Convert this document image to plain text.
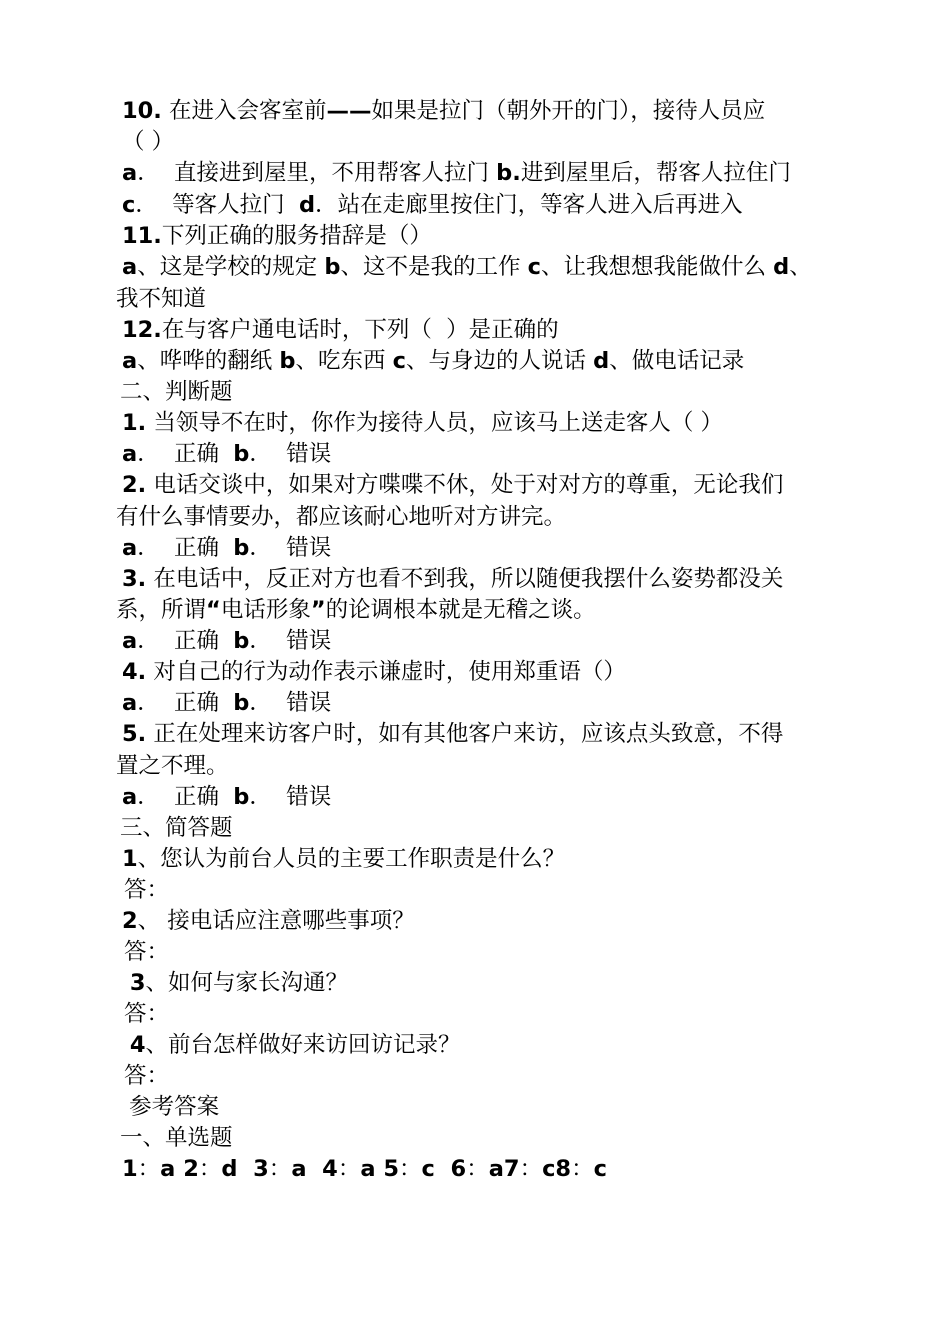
10. 在进入会客室前——如果是拉门（朝外开的门），接待人员应
（ ）
a．  直接进到屋里，不用帮客人拉门 b.进到屋里后，帮客人拉住门
c．  等客人拉门  d．站在走廊里按住门，等客人进入后再进入
11.下列正确的服务措辞是（）
a、这是学校的规定 b、这不是我的工作 c、让我想想我能做什么 d、
我不知道
12.在与客户通电话时，下列（  ）是正确的
a、哗哗的翻纸 b、吃东西 c、与身边的人说话 d、做电话记录
二、判断题
1. 当领导不在时，你作为接待人员，应该马上送走客人（ ）
a．  正确  b．  错误
2. 电话交谈中，如果对方喋喋不休，处于对对方的尊重，无论我们
有什么事情要办，都应该耐心地听对方讲完。
a．  正确  b．  错误
3. 在电话中，反正对方也看不到我，所以随便我摆什么姿势都没关
系，所谓“电话形象”的论调根本就是无稽之谈。
a．  正确  b．  错误
4. 对自己的行为动作表示谦虚时，使用郑重语（）
a．  正确  b．  错误
5. 正在处理来访客户时，如有其他客户来访，应该点头致意，不得
置之不理。
a．  正确  b．  错误
三、简答题
1、您认为前台人员的主要工作职责是什么？
答：
2、 接电话应注意哪些事项？
答：
3、如何与家长沟通？
答：
4、前台怎样做好来访回访记录？
答：
参考答案
一、单选题
1：a 2：d  3：a  4：a 5：c  6：a7：c8：c
